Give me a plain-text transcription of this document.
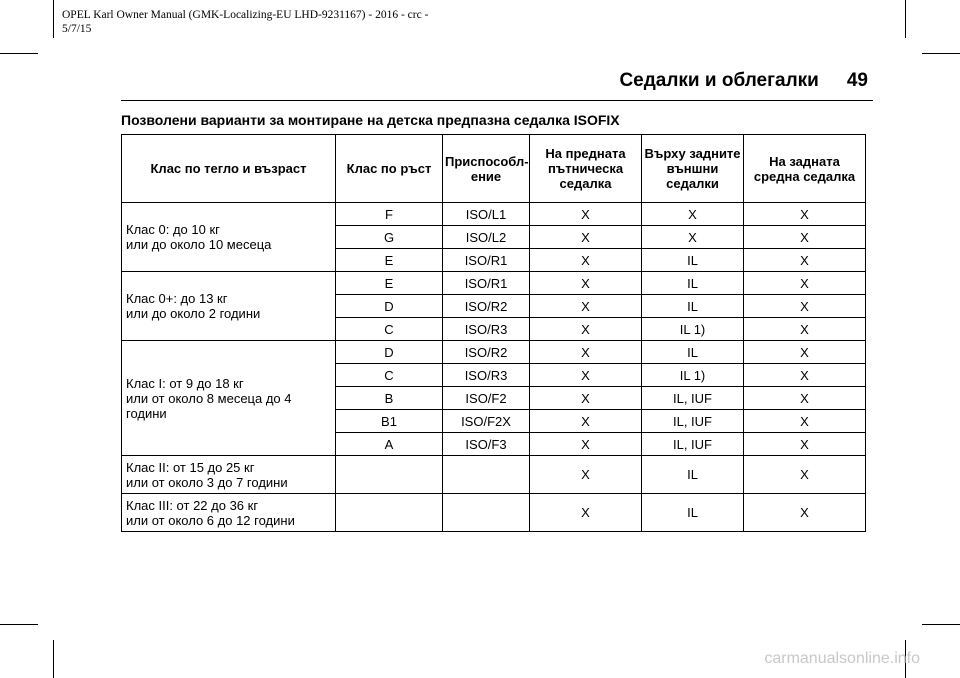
OPEL Karl Owner Manual (GMK-Localizing-EU LHD-9231167) - 2016 - crc -
5/7/15
Седалки и облегалки 49
Позволени варианти за монтиране на детска предпазна седалка ISOFIX
Клас по тегло и възраст	Клас по ръст	Приспособл-ение	На предната пътническа седалка	Върху задните външни седалки	На задната средна седалка

Клас 0: до 10 кг
или до около 10 месеца	F	ISO/L1	X	X	X
	G	ISO/L2	X	X	X
	E	ISO/R1	X	IL	X

Клас 0+: до 13 кг
или до около 2 години	E	ISO/R1	X	IL	X
	D	ISO/R2	X	IL	X
	C	ISO/R3	X	IL 1)	X

Клас I: от 9 до 18 кг
или от около 8 месеца до 4
години	D	ISO/R2	X	IL	X
	C	ISO/R3	X	IL 1)	X
	B	ISO/F2	X	IL, IUF	X
	B1	ISO/F2X	X	IL, IUF	X
	A	ISO/F3	X	IL, IUF	X

Клас II: от 15 до 25 кг
или от около 3 до 7 години			X	IL	X

Клас III: от 22 до 36 кг
или от около 6 до 12 години			X	IL	X
carmanualsonline.info
